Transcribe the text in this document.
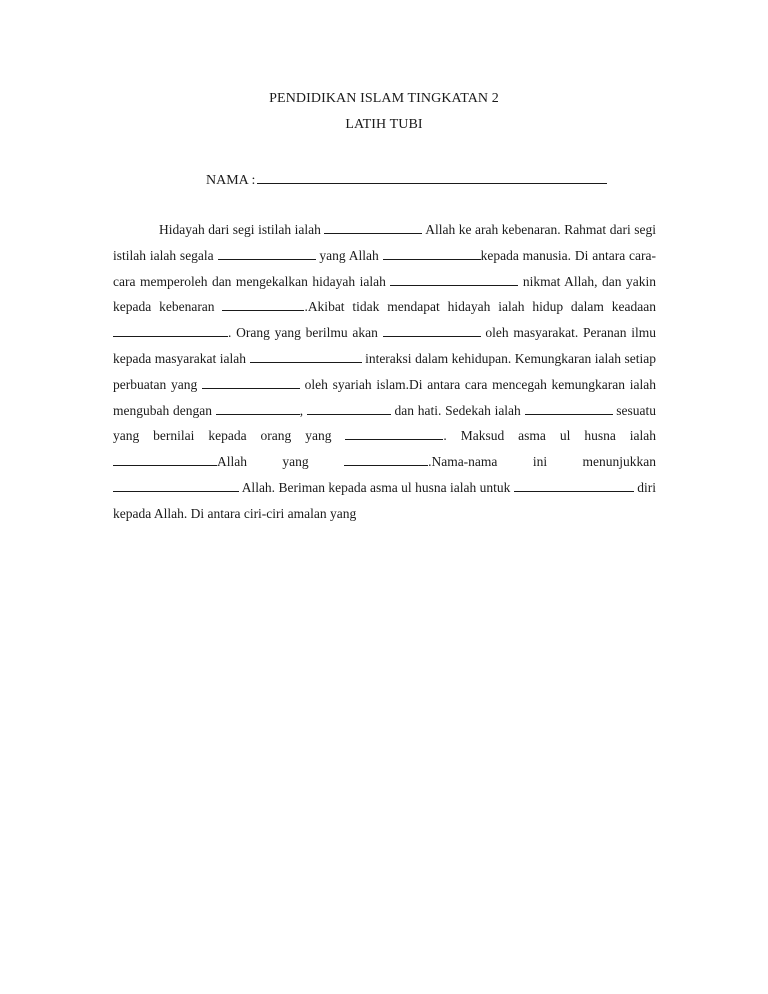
PENDIDIKAN ISLAM TINGKATAN 2
LATIH TUBI
NAMA :
Hidayah dari segi istilah ialah	Allah ke arah kebenaran. Rahmat dari segi istilah ialah segala	yang Allah	kepada manusia. Di antara cara-cara memperoleh dan mengekalkan hidayah ialah	nikmat Allah, dan yakin kepada kebenaran	.Akibat tidak mendapat hidayah ialah hidup dalam keadaan . Orang yang berilmu akan	oleh masyarakat. Peranan ilmu kepada masyarakat ialah	interaksi dalam kehidupan. Kemungkaran ialah setiap perbuatan yang	oleh syariah islam.Di antara cara mencegah kemungkaran ialah mengubah dengan	,	dan hati. Sedekah ialah	sesuatu yang bernilai kepada orang yang	. Maksud asma ul husna ialah Allah yang	.Nama-nama ini menunjukkan  Allah. Beriman kepada asma ul husna ialah untuk	diri kepada Allah. Di antara ciri-ciri amalan yang
